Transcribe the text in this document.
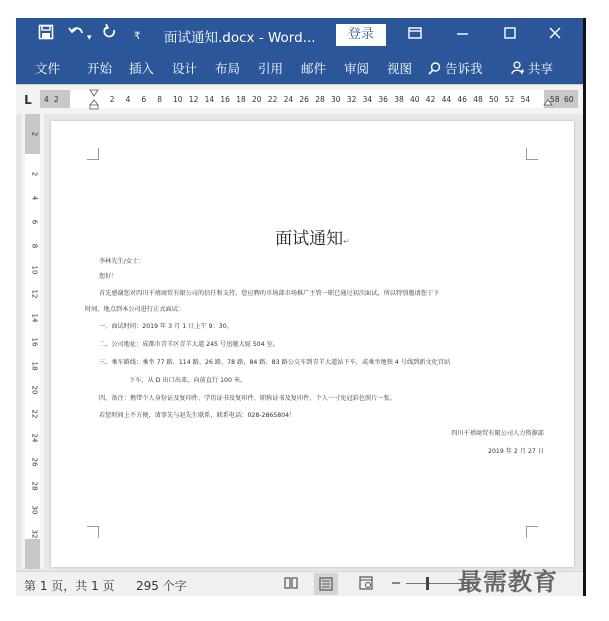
▾	₹ 面试通知.docx - Word...	登录
文件 开始 插入 设计 布局 引用 邮件 审阅 视图	告诉我	共享
L	4 2	2 4 6 8 10 12 14 16 18 20 22 24 26 28 30 32 34 36 38 40 42 44 46 48 50 52 54	58 60
2
2
4
6
8
10
12
14
16
18
20
22
24
26
28
30
32
面试通知↵
李林先生/女士：
您好！
首先感谢您对四川千禧商贸有限公司的信任和支持。您应聘的市场部市场推广主管一职已通过初次面试，所以特别邀请您于下
时间、地点到本公司进行正式面试：
一、面试时间：2019 年 3 月 1 日上午 9：30。
二、公司地址：成都市青羊区青羊大道 245 号迅驰大厦 504 室。
三、乘车路线：乘坐 77 路、114 路、26 路、78 路、84 路、83 路公交车到青羊大道站下车，或乘坐地铁 4 号线到新文化宫站
下车，从 D 出口出来，向前直行 100 米。
四、备注：携带个人身份证及复印件、学历证书及复印件、职称证书及复印件、个人一寸免冠彩色照片一张。
若您时间上不方便，请事先与赵先生联系，联系电话：028-2865804！
四川千禧商贸有限公司人力资源部
2019 年 2 月 27 日
第 1 页，共 1 页 295 个字	最需教育
